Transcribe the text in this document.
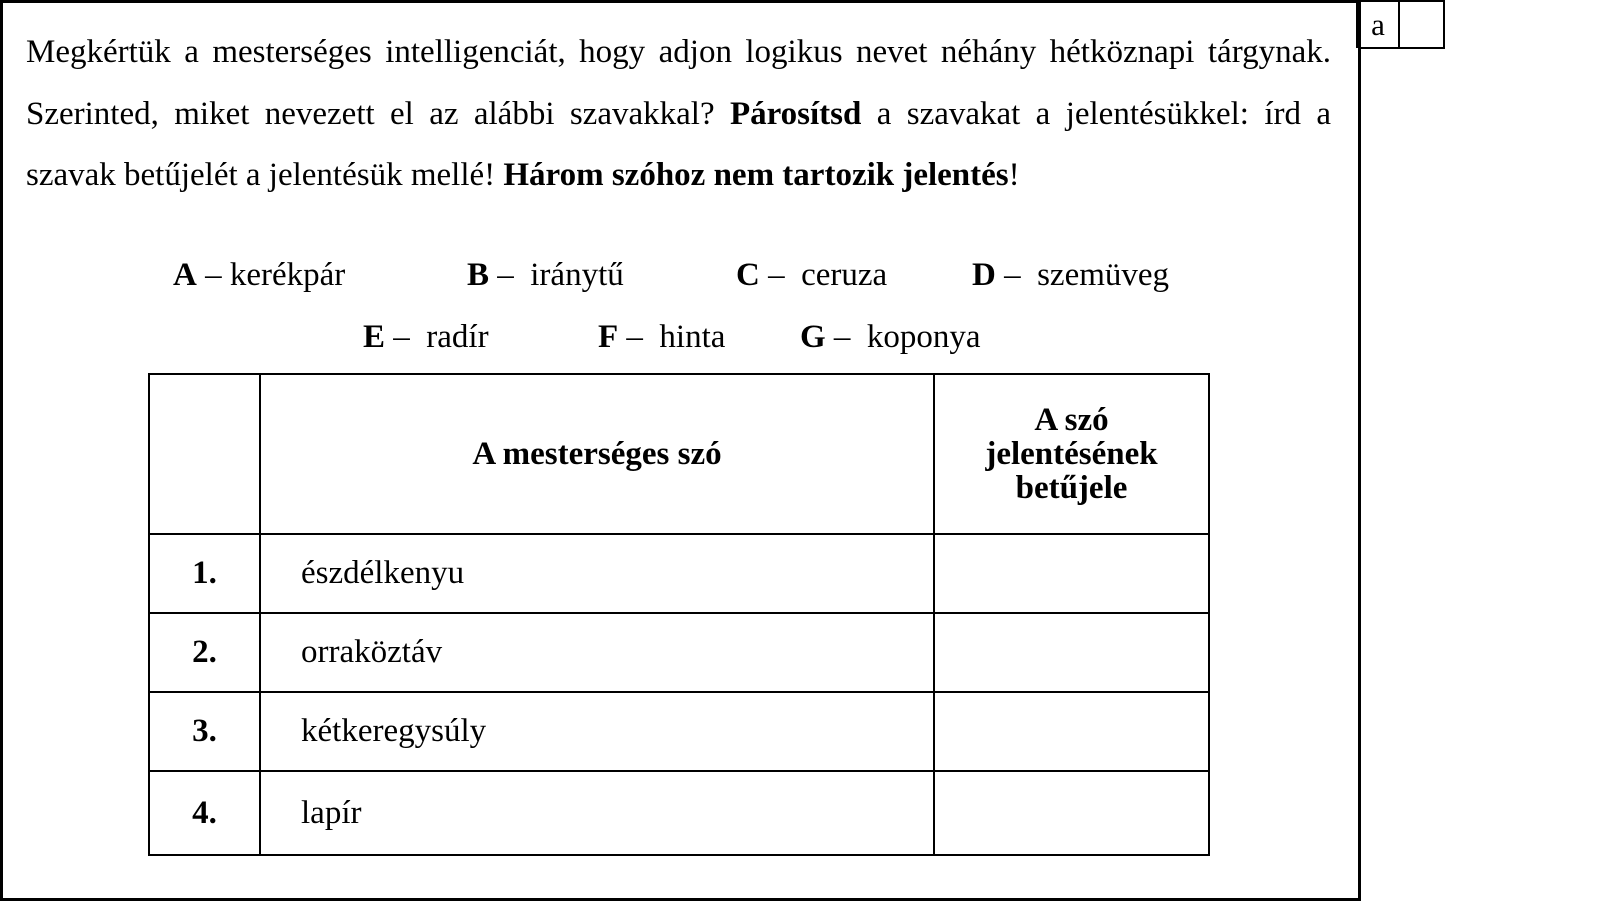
a
Megkértük a mesterséges intelligenciát, hogy adjon logikus nevet néhány hétköznapi tárgynak. Szerinted, miket nevezett el az alábbi szavakkal? Párosítsd a szavakat a jelentésükkel: írd a szavak betűjelét a jelentésük mellé! Három szóhoz nem tartozik jelentés!
A – kerékpár	B –  iránytű	C –  ceruza	D –  szemüveg
E –  radír	F –  hinta G –  koponya
	A mesterséges szó	A szó
jelentésének
betűjele

1.	észdélkenyu	

2.	orraköztáv	

3.	kétkeregysúly	

4.	lapír	
